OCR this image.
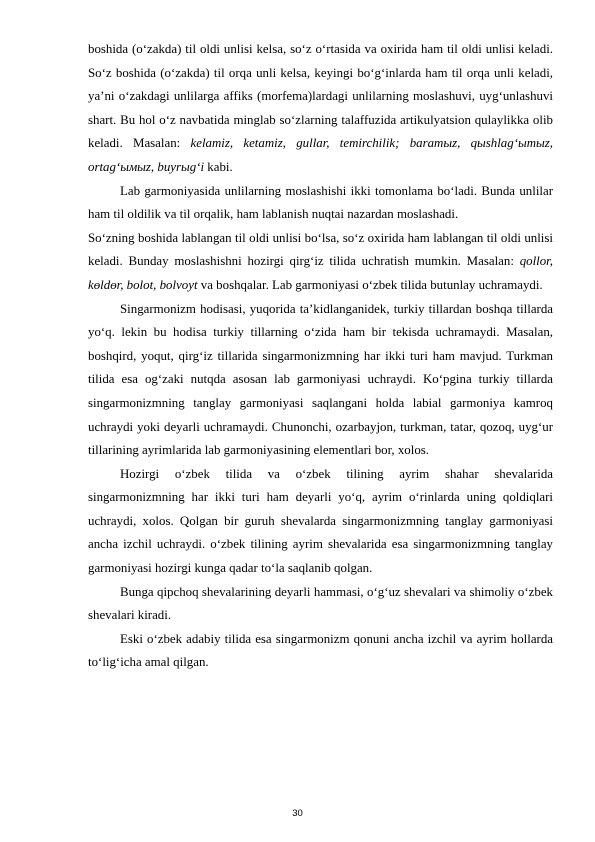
boshida (o‘zakda) til oldi unlisi kelsa, so‘z o‘rtasida va oxirida ham til oldi unlisi keladi. So‘z boshida (o‘zakda) til orqa unli kelsa, keyingi bo‘g‘inlarda ham til orqa unli keladi, ya’ni o‘zakdagi unlilarga affiks (morfema)lardagi unlilarning moslashuvi, uyg‘unlashuvi shart. Bu hol o‘z navbatida minglab so‘zlarning talaffuzida artikulyatsion qulaylikka olib keladi. Masalan: kelamiz, ketamiz, gullar, temirchilik; baramыz, qыshlag‘ыmыz, ortag‘ымыz, buyrыg‘i kabi.

Lab garmoniyasida unlilarning moslashishi ikki tomonlama bo‘ladi. Bunda unlilar ham til oldilik va til orqalik, ham lablanish nuqtai nazardan moslashadi.

So‘zning boshida lablangan til oldi unlisi bo‘lsa, so‘z oxirida ham lablangan til oldi unlisi keladi. Bunday moslashishni hozirgi qirg‘iz tilida uchratish mumkin. Masalan: qollor, kөldөr, bolot, bolvoyt va boshqalar. Lab garmoniyasi o‘zbek tilida butunlay uchramaydi.

Singarmonizm hodisasi, yuqorida ta’kidlanganidek, turkiy tillardan boshqa tillarda yo‘q. lekin bu hodisa turkiy tillarning o‘zida ham bir tekisda uchramaydi. Masalan, boshqird, yoqut, qirg‘iz tillarida singarmonizmning har ikki turi ham mavjud. Turkman tilida esa og‘zaki nutqda asosan lab garmoniyasi uchraydi. Ko‘pgina turkiy tillarda singarmonizmning tanglay garmoniyasi saqlangani holda labial garmoniya kamroq uchraydi yoki deyarli uchramaydi. Chunonchi, ozarbayjon, turkman, tatar, qozoq, uyg‘ur tillarining ayrimlarida lab garmoniyasining elementlari bor, xolos.

Hozirgi o‘zbek tilida va o‘zbek tilining ayrim shahar shevalarida singarmonizmning har ikki turi ham deyarli yo‘q, ayrim o‘rinlarda uning qoldiqlari uchraydi, xolos. Qolgan bir guruh shevalarda singarmonizmning tanglay garmoniyasi ancha izchil uchraydi. o‘zbek tilining ayrim shevalarida esa singarmonizmning tanglay garmoniyasi hozirgi kunga qadar to‘la saqlanib qolgan.

Bunga qipchoq shevalarining deyarli hammasi, o‘g‘uz shevalari va shimoliy o‘zbek shevalari kiradi.

Eski o‘zbek adabiy tilida esa singarmonizm qonuni ancha izchil va ayrim hollarda to‘lig‘icha amal qilgan.

30
